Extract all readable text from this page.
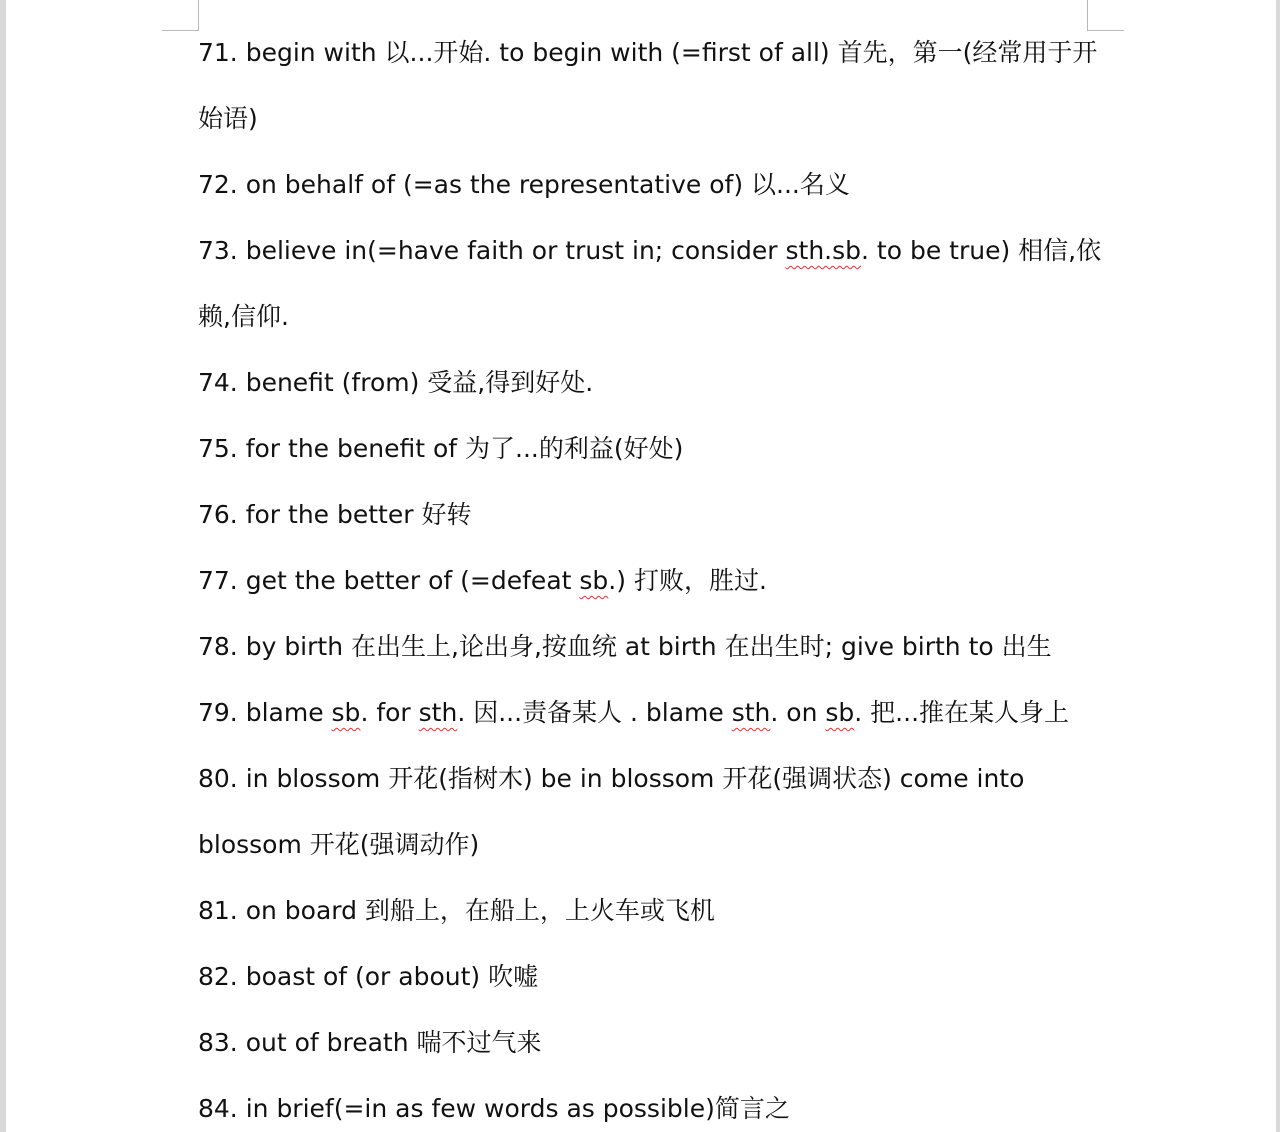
71. begin with 以...开始. to begin with (=first of all) 首先，第一(经常用于开
始语)
72. on behalf of (=as the representative of) 以...名义
73. believe in(=have faith or trust in; consider sth.sb. to be true) 相信,依
赖,信仰.
74. benefit (from) 受益,得到好处.
75. for the benefit of 为了...的利益(好处)
76. for the better 好转
77. get the better of (=defeat sb.) 打败，胜过.
78. by birth 在出生上,论出身,按血统 at birth 在出生时; give birth to 出生
79. blame sb. for sth. 因...责备某人 . blame sth. on sb. 把...推在某人身上
80. in blossom 开花(指树木) be in blossom 开花(强调状态) come into
blossom 开花(强调动作)
81. on board 到船上，在船上，上火车或飞机
82. boast of (or about) 吹嘘
83. out of breath 喘不过气来
84. in brief(=in as few words as possible)简言之
